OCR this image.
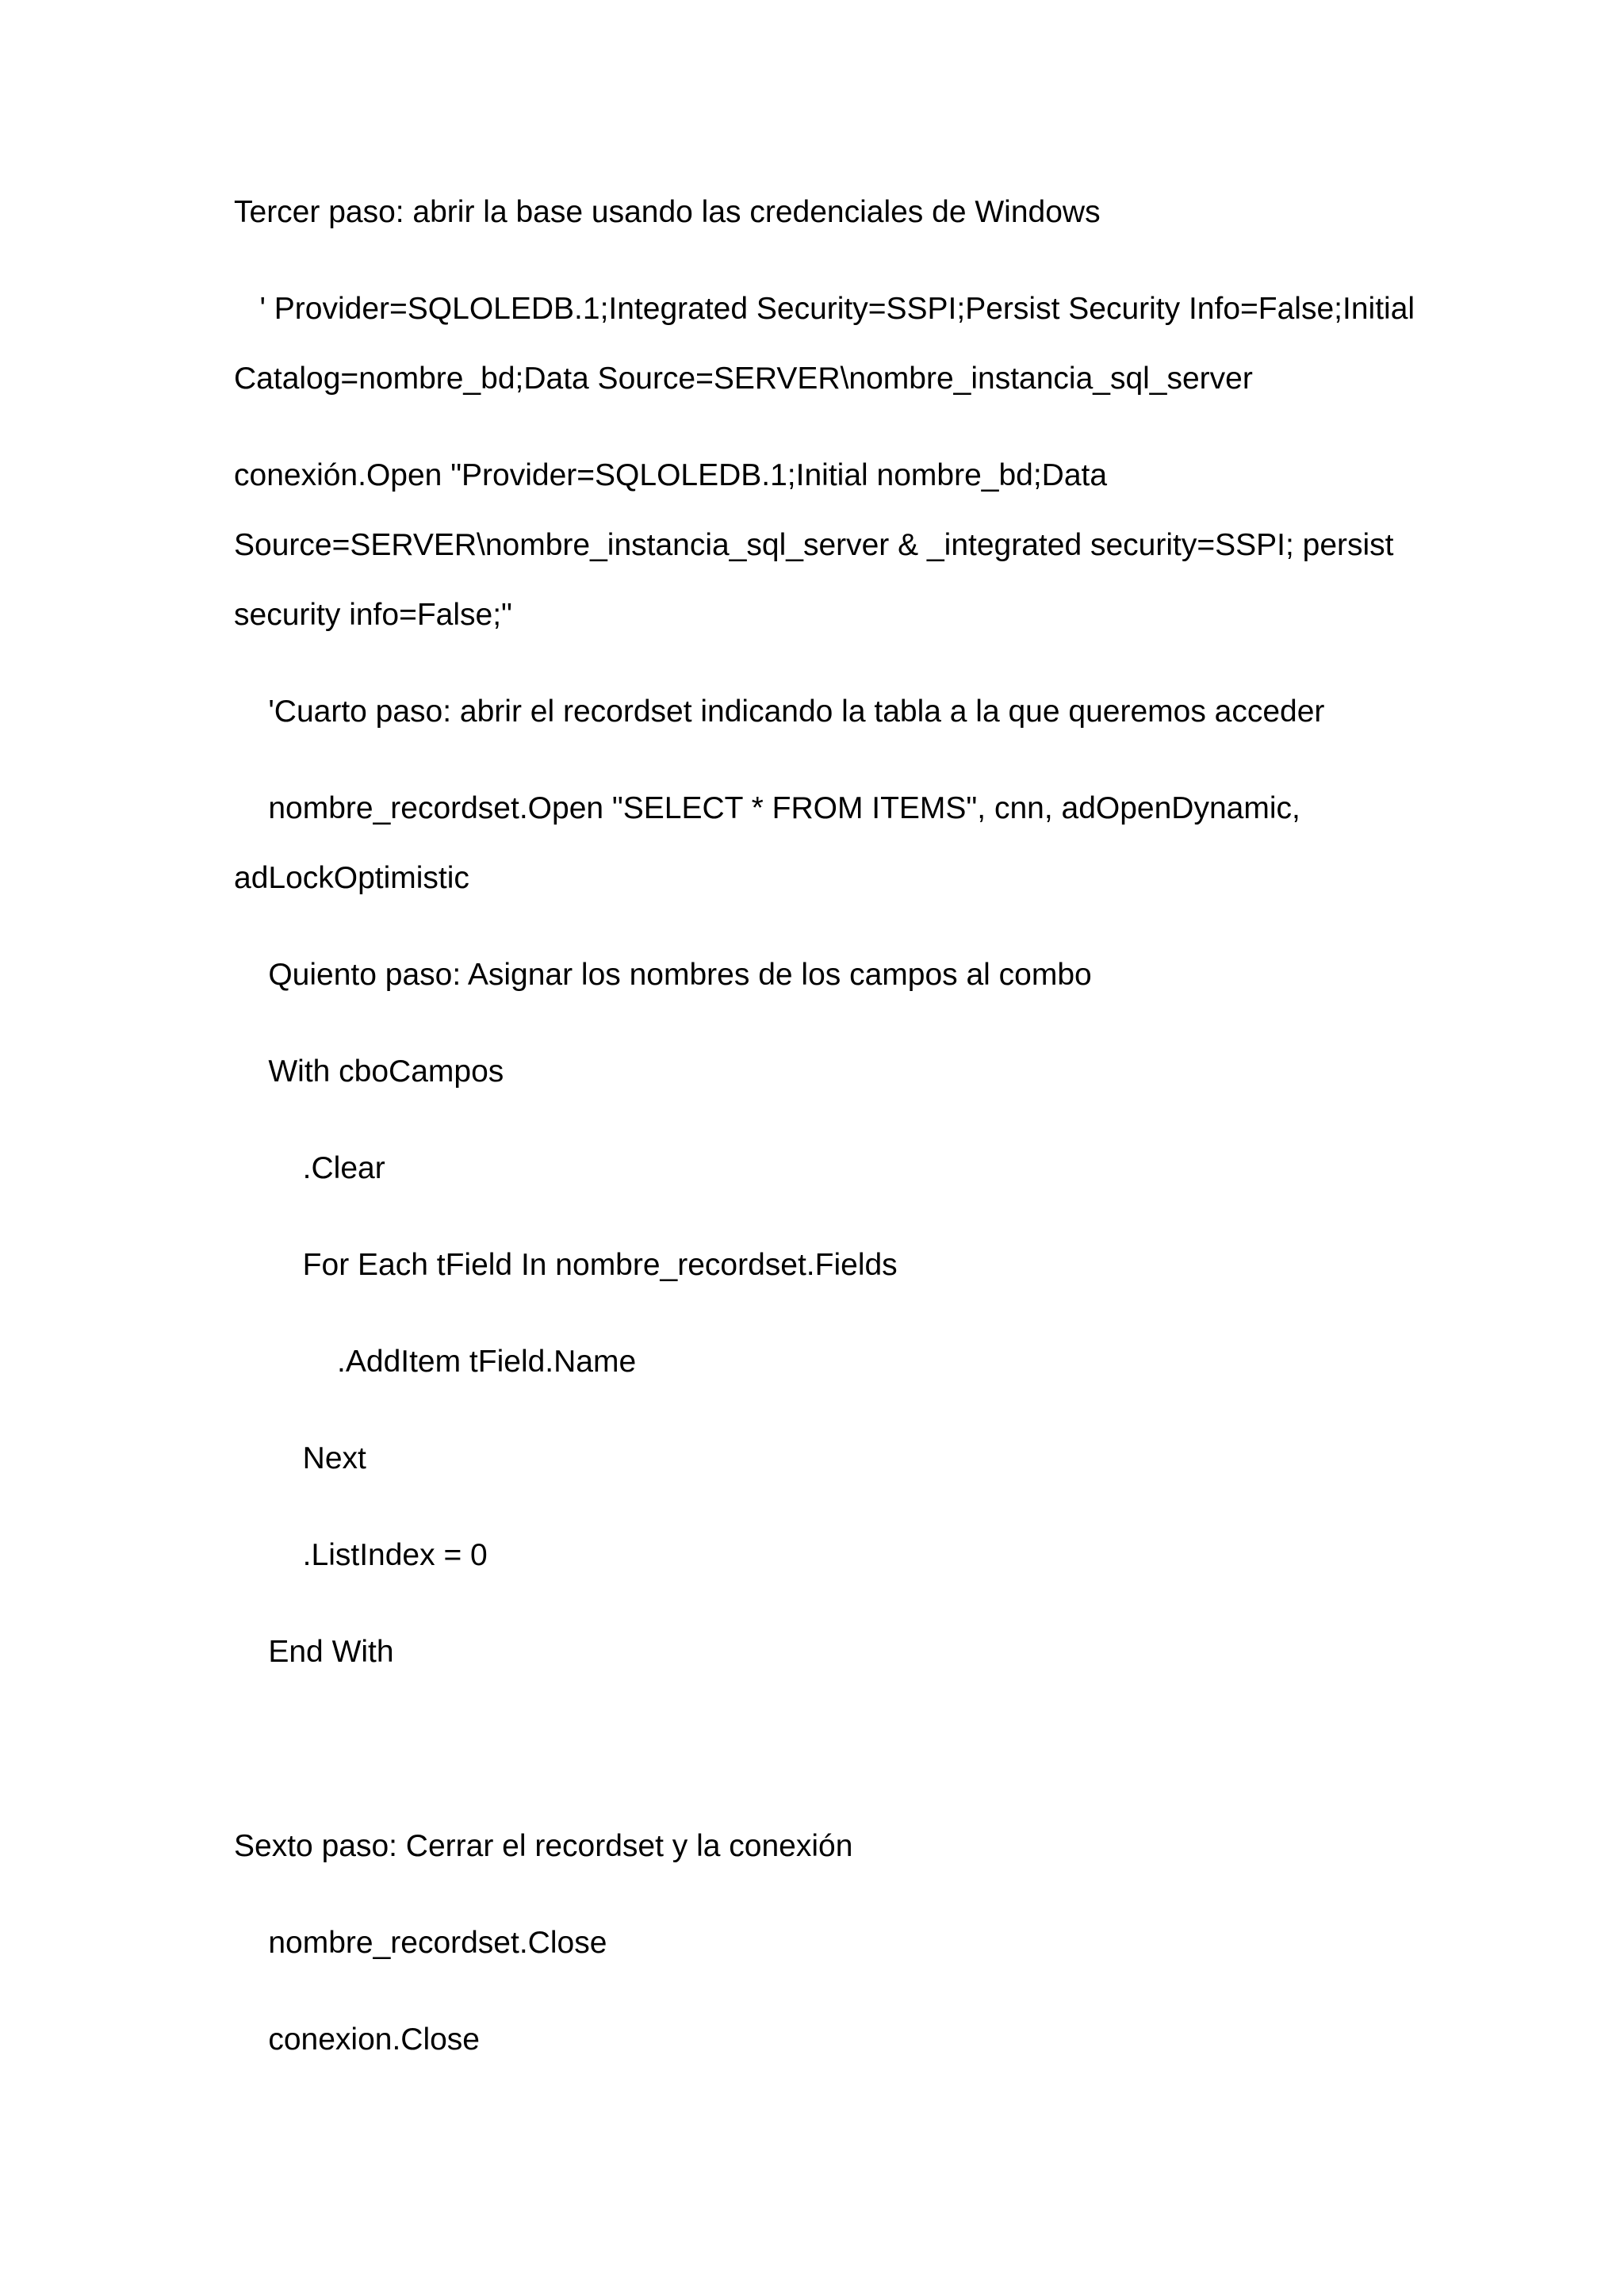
Tercer paso: abrir la base usando las credenciales de Windows
' Provider=SQLOLEDB.1;Integrated Security=SSPI;Persist Security Info=False;Initial
Catalog=nombre_bd;Data Source=SERVER\nombre_instancia_sql_server
conexión.Open "Provider=SQLOLEDB.1;Initial nombre_bd;Data
Source=SERVER\nombre_instancia_sql_server & _integrated security=SSPI; persist
security info=False;"
'Cuarto paso: abrir el recordset indicando la tabla a la que queremos acceder
nombre_recordset.Open "SELECT * FROM ITEMS", cnn, adOpenDynamic,
adLockOptimistic
Quiento paso: Asignar los nombres de los campos al combo
With cboCampos
.Clear
For Each tField In nombre_recordset.Fields
.AddItem tField.Name
Next
.ListIndex = 0
End With
Sexto paso: Cerrar el recordset y la conexión
nombre_recordset.Close
conexion.Close
